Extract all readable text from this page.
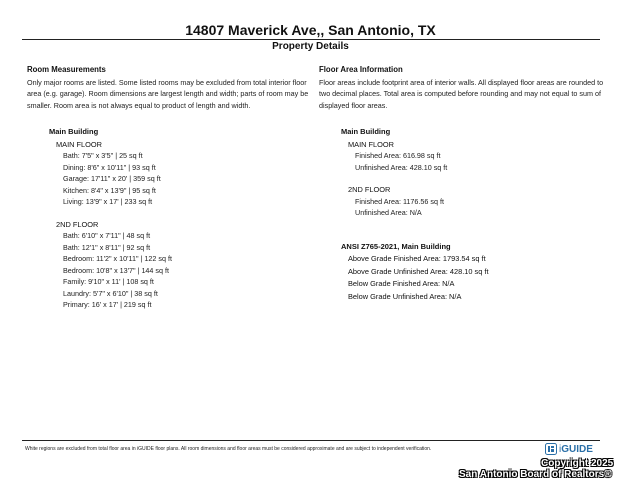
14807 Maverick Ave,, San Antonio, TX
Property Details
Room Measurements
Only major rooms are listed. Some listed rooms may be excluded from total interior floor area (e.g. garage). Room dimensions are largest length and width; parts of room may be smaller. Room area is not always equal to product of length and width.
Main Building
MAIN FLOOR
Bath: 7'5" x 3'5" | 25 sq ft
Dining: 8'6" x 10'11" | 93 sq ft
Garage: 17'11" x 20' | 359 sq ft
Kitchen: 8'4" x 13'9" | 95 sq ft
Living: 13'9" x 17' | 233 sq ft
2ND FLOOR
Bath: 6'10" x 7'11" | 48 sq ft
Bath: 12'1" x 8'11" | 92 sq ft
Bedroom: 11'2" x 10'11" | 122 sq ft
Bedroom: 10'8" x 13'7" | 144 sq ft
Family: 9'10" x 11' | 108 sq ft
Laundry: 5'7" x 6'10" | 38 sq ft
Primary: 16' x 17' | 219 sq ft
Floor Area Information
Floor areas include footprint area of interior walls. All displayed floor areas are rounded to two decimal places. Total area is computed before rounding and may not equal to sum of displayed floor areas.
Main Building
MAIN FLOOR
Finished Area: 616.98 sq ft
Unfinished Area: 428.10 sq ft
2ND FLOOR
Finished Area: 1176.56 sq ft
Unfinished Area: N/A
ANSI Z765-2021, Main Building
Above Grade Finished Area: 1793.54 sq ft
Above Grade Unfinished Area: 428.10 sq ft
Below Grade Finished Area: N/A
Below Grade Unfinished Area: N/A
White regions are excluded from total floor area in iGUIDE floor plans. All room dimensions and floor areas must be considered approximate and are subject to independent verification.	i GUIDE
Copyright 2025
San Antonio Board of Realtors®
